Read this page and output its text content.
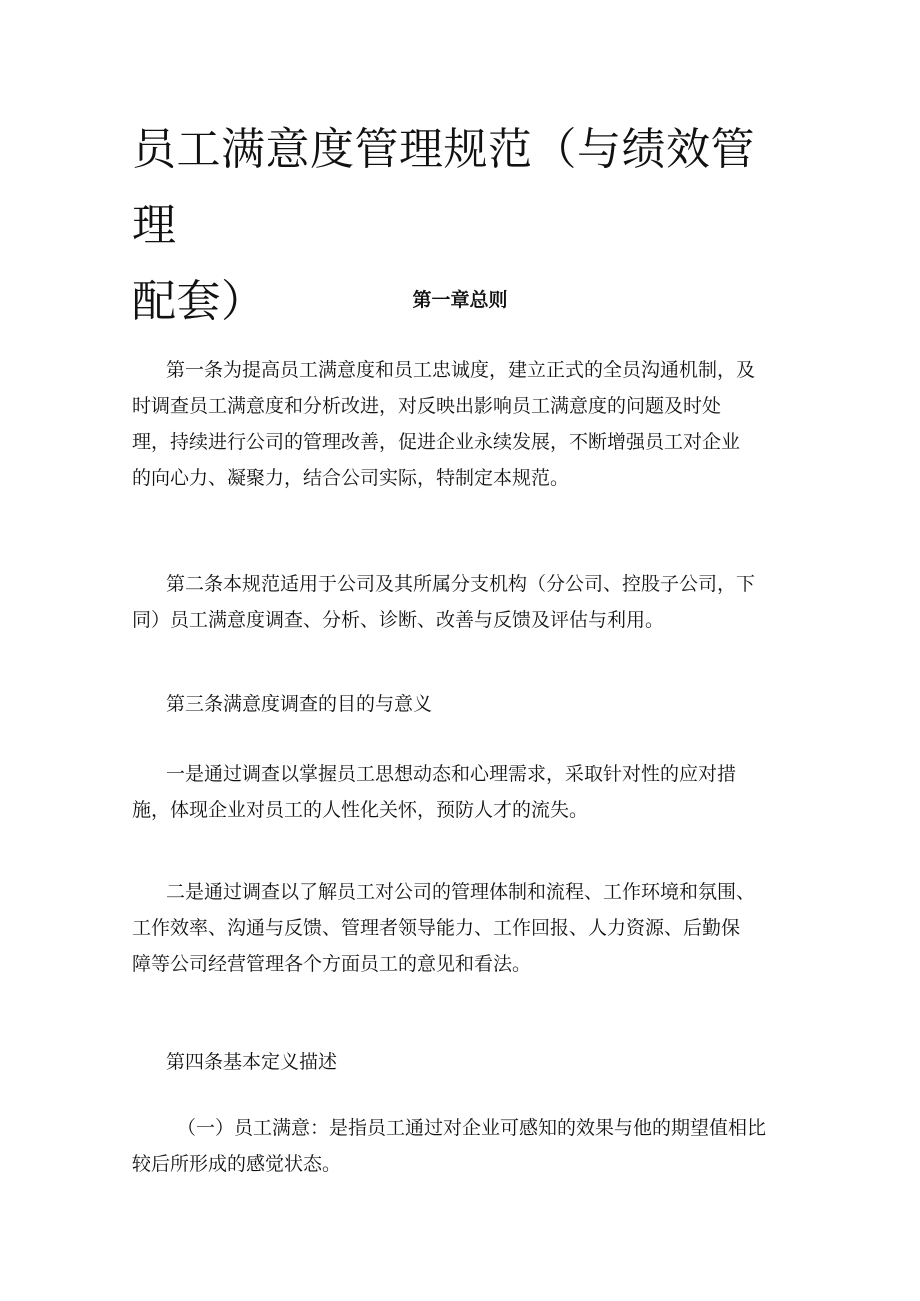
员工满意度管理规范（与绩效管理
配套）	第一章总则

第一条为提高员工满意度和员工忠诚度，建立正式的全员沟通机制，及
时调查员工满意度和分析改进，对反映出影响员工满意度的问题及时处
理，持续进行公司的管理改善，促进企业永续发展，不断增强员工对企业
的向心力、凝聚力，结合公司实际，特制定本规范。

第二条本规范适用于公司及其所属分支机构（分公司、控股子公司，下
同）员工满意度调查、分析、诊断、改善与反馈及评估与利用。

第三条满意度调查的目的与意义

一是通过调查以掌握员工思想动态和心理需求，采取针对性的应对措
施，体现企业对员工的人性化关怀，预防人才的流失。

二是通过调查以了解员工对公司的管理体制和流程、工作环境和氛围、
工作效率、沟通与反馈、管理者领导能力、工作回报、人力资源、后勤保
障等公司经营管理各个方面员工的意见和看法。

第四条基本定义描述

（一）员工满意：是指员工通过对企业可感知的效果与他的期望值相比
较后所形成的感觉状态。
